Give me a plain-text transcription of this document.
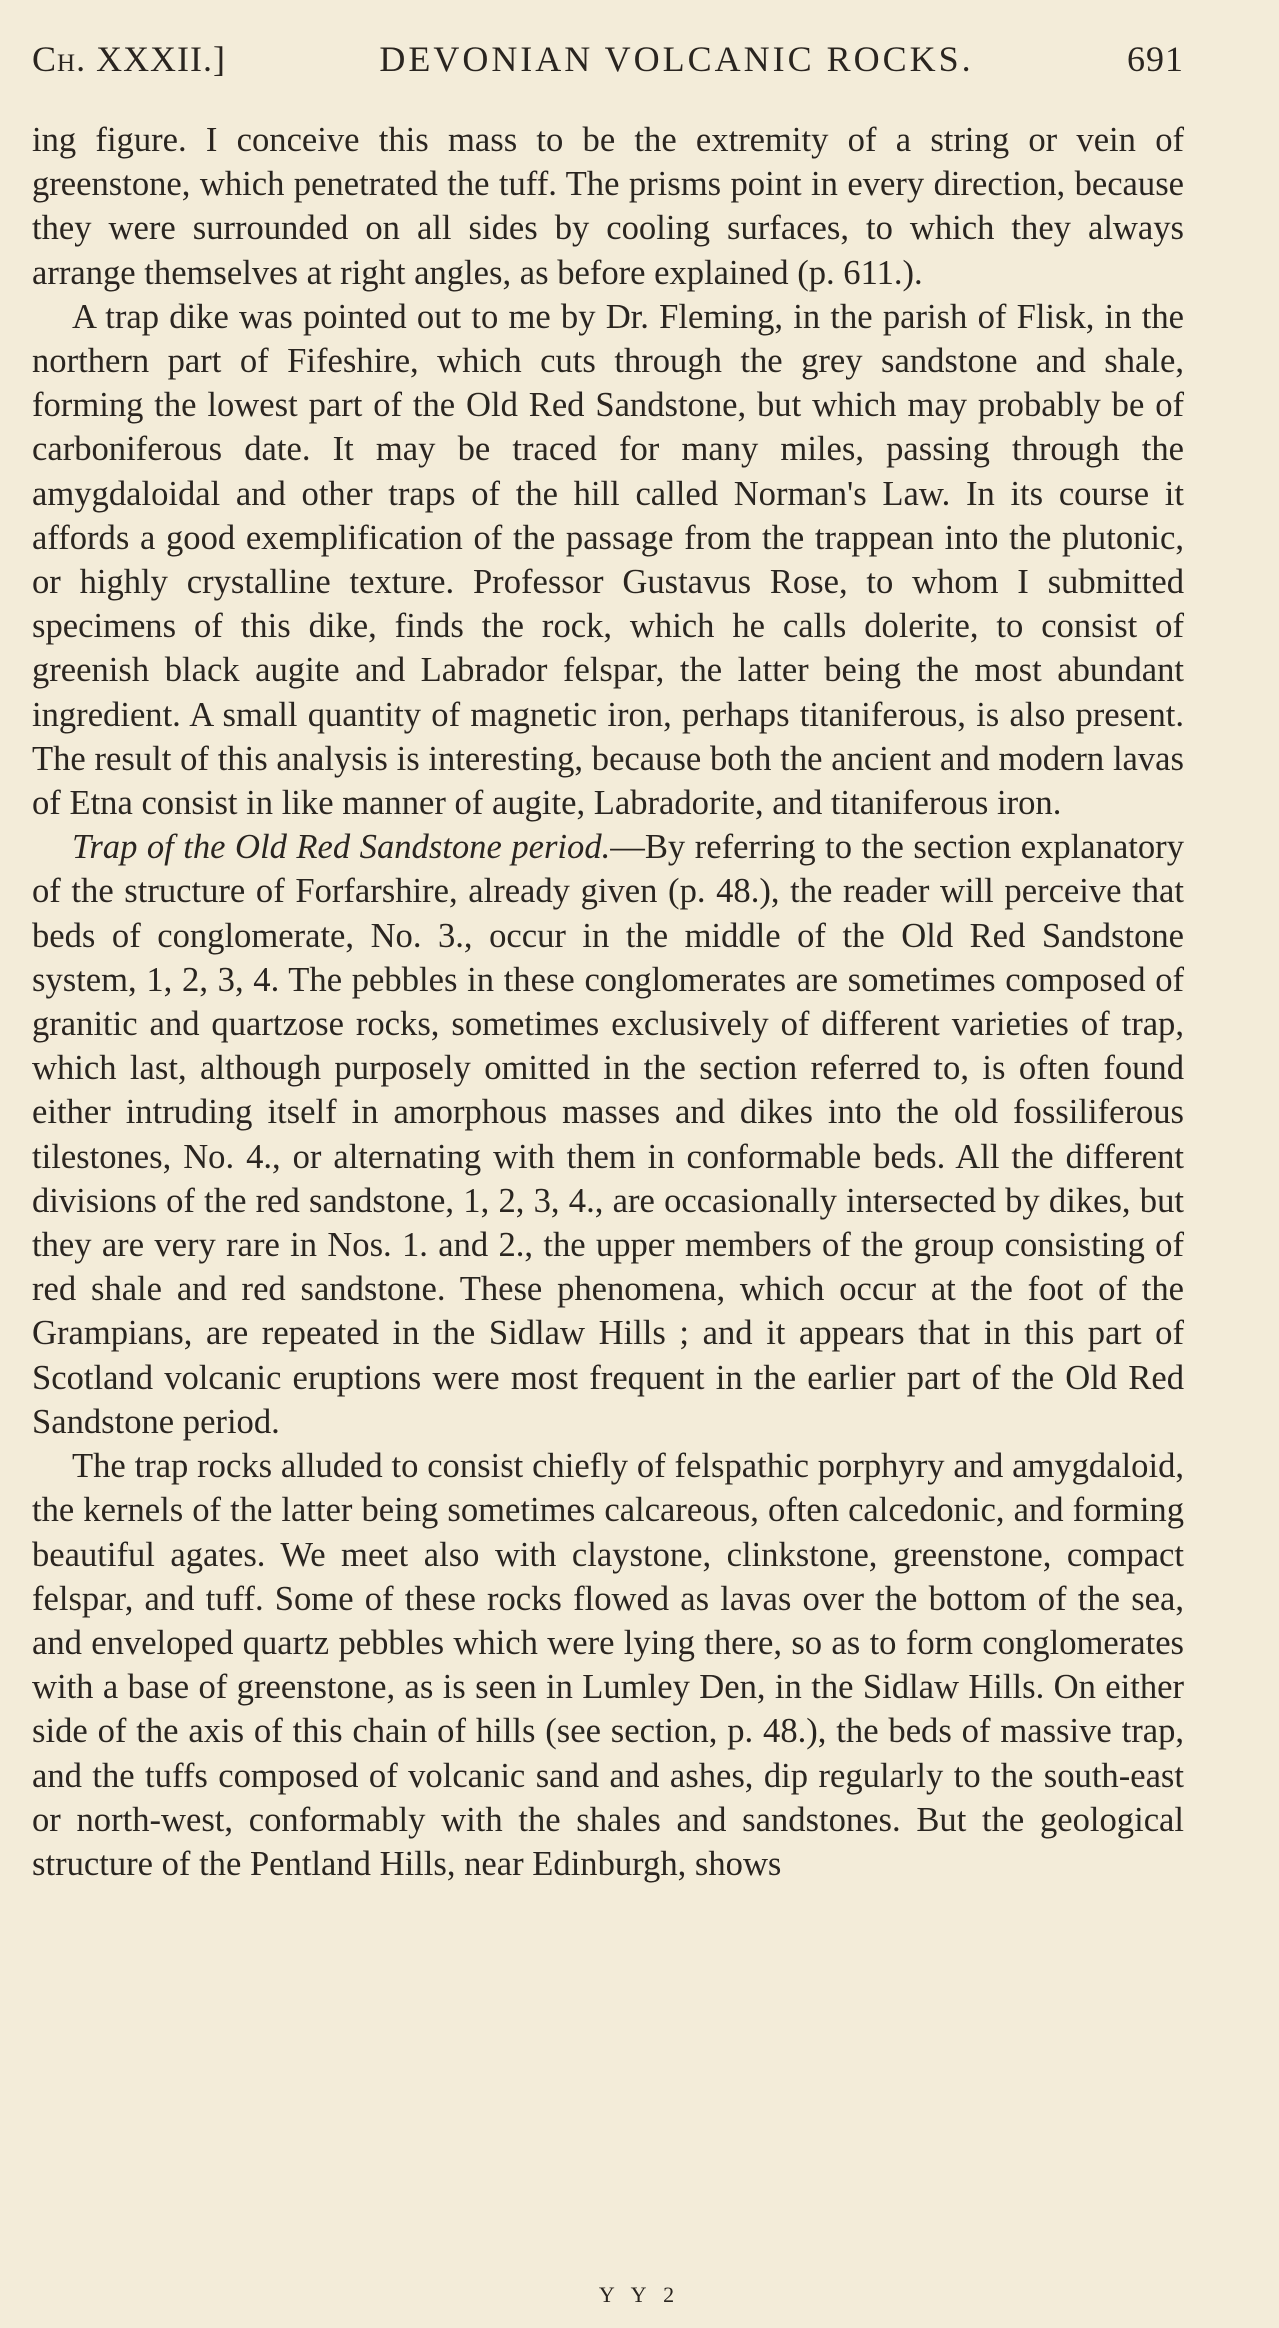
Ch. XXXII.]	DEVONIAN VOLCANIC ROCKS.	691

ing figure. I conceive this mass to be the extremity of a string or vein of greenstone, which penetrated the tuff. The prisms point in every direction, because they were surrounded on all sides by cooling surfaces, to which they always arrange themselves at right angles, as before explained (p. 611.).

A trap dike was pointed out to me by Dr. Fleming, in the parish of Flisk, in the northern part of Fifeshire, which cuts through the grey sandstone and shale, forming the lowest part of the Old Red Sandstone, but which may probably be of carboniferous date. It may be traced for many miles, passing through the amygdaloidal and other traps of the hill called Norman's Law. In its course it affords a good exemplification of the passage from the trappean into the plutonic, or highly crystalline texture. Professor Gustavus Rose, to whom I submitted specimens of this dike, finds the rock, which he calls dolerite, to consist of greenish black augite and Labrador felspar, the latter being the most abundant ingredient. A small quantity of magnetic iron, perhaps titaniferous, is also present. The result of this analysis is interesting, because both the ancient and modern lavas of Etna consist in like manner of augite, Labradorite, and titaniferous iron.

Trap of the Old Red Sandstone period.—By referring to the section explanatory of the structure of Forfarshire, already given (p. 48.), the reader will perceive that beds of conglomerate, No. 3., occur in the middle of the Old Red Sandstone system, 1, 2, 3, 4. The pebbles in these conglomerates are sometimes composed of granitic and quartzose rocks, sometimes exclusively of different varieties of trap, which last, although purposely omitted in the section referred to, is often found either intruding itself in amorphous masses and dikes into the old fossiliferous tilestones, No. 4., or alternating with them in conformable beds. All the different divisions of the red sandstone, 1, 2, 3, 4., are occasionally intersected by dikes, but they are very rare in Nos. 1. and 2., the upper members of the group consisting of red shale and red sandstone. These phenomena, which occur at the foot of the Grampians, are repeated in the Sidlaw Hills ; and it appears that in this part of Scotland volcanic eruptions were most frequent in the earlier part of the Old Red Sandstone period.

The trap rocks alluded to consist chiefly of felspathic porphyry and amygdaloid, the kernels of the latter being sometimes calcareous, often calcedonic, and forming beautiful agates. We meet also with claystone, clinkstone, greenstone, compact felspar, and tuff. Some of these rocks flowed as lavas over the bottom of the sea, and enveloped quartz pebbles which were lying there, so as to form conglomerates with a base of greenstone, as is seen in Lumley Den, in the Sidlaw Hills. On either side of the axis of this chain of hills (see section, p. 48.), the beds of massive trap, and the tuffs composed of volcanic sand and ashes, dip regularly to the south-east or north-west, conformably with the shales and sandstones. But the geological structure of the Pentland Hills, near Edinburgh, shows

Y Y 2
